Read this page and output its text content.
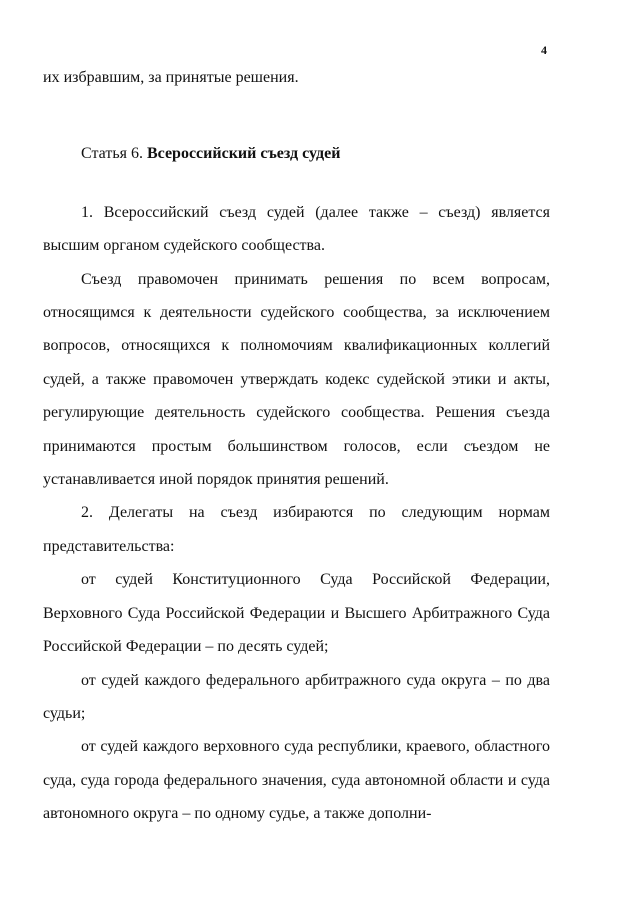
4

их избравшим, за принятые решения.

Статья 6. Всероссийский съезд судей

1. Всероссийский съезд судей (далее также – съезд) является высшим органом судейского сообщества.

Съезд правомочен принимать решения по всем вопросам, относящимся к деятельности судейского сообщества, за исключением вопросов, относящихся к полномочиям квалификационных коллегий судей, а также правомочен утверждать кодекс судейской этики и акты, регулирующие деятельность судейского сообщества. Решения съезда принимаются простым большинством голосов, если съездом не устанавливается иной порядок принятия решений.

2. Делегаты на съезд избираются по следующим нормам представительства:

от судей Конституционного Суда Российской Федерации, Верховного Суда Российской Федерации и Высшего Арбитражного Суда Российской Федерации – по десять судей;

от судей каждого федерального арбитражного суда округа – по два судьи;

от судей каждого верховного суда республики, краевого, областного суда, суда города федерального значения, суда автономной области и суда автономного округа – по одному судье, а также дополни-
